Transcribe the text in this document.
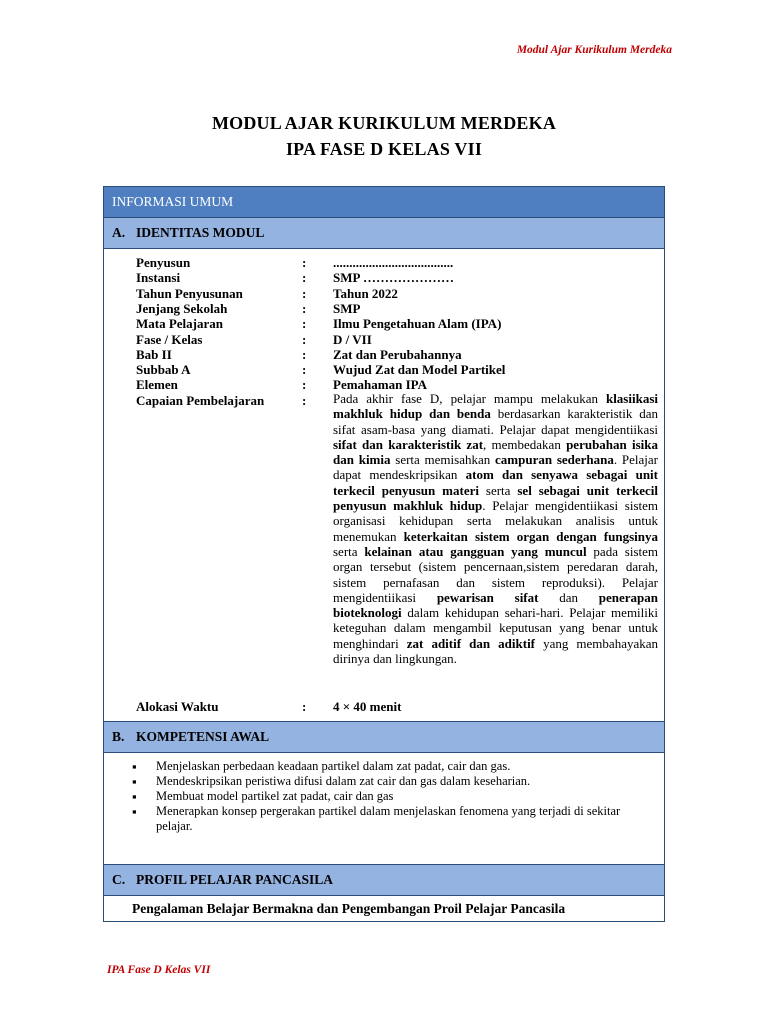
Modul Ajar Kurikulum Merdeka
MODUL AJAR KURIKULUM MERDEKA
IPA FASE D KELAS VII
INFORMASI UMUM
A. IDENTITAS MODUL
Penyusun	: .....................................
Instansi	: SMP …………………
Tahun Penyusunan	: Tahun 2022
Jenjang Sekolah	: SMP
Mata Pelajaran	: Ilmu Pengetahuan Alam (IPA)
Fase / Kelas	: D / VII
Bab II	: Zat dan Perubahannya
Subbab A	: Wujud Zat dan Model Partikel
Elemen	: Pemahaman IPA
Capaian Pembelajaran	: Pada akhir fase D, pelajar mampu melakukan klasiikasi makhluk hidup dan benda berdasarkan karakteristik dan sifat asam-basa yang diamati. Pelajar dapat mengidentiikasi sifat dan karakteristik zat, membedakan perubahan isika dan kimia serta memisahkan campuran sederhana. Pelajar dapat mendeskripsikan atom dan senyawa sebagai unit terkecil penyusun materi serta sel sebagai unit terkecil penyusun makhluk hidup. Pelajar mengidentiikasi sistem organisasi kehidupan serta melakukan analisis untuk menemukan keterkaitan sistem organ dengan fungsinya serta kelainan atau gangguan yang muncul pada sistem organ tersebut (sistem pencernaan,sistem peredaran darah, sistem pernafasan dan sistem reproduksi). Pelajar mengidentiikasi pewarisan sifat dan penerapan bioteknologi dalam kehidupan sehari-hari. Pelajar memiliki keteguhan dalam mengambil keputusan yang benar untuk menghindari zat aditif dan adiktif yang membahayakan dirinya dan lingkungan.
Alokasi Waktu	: 4 × 40 menit
B. KOMPETENSI AWAL
▪ Menjelaskan perbedaan keadaan partikel dalam zat padat, cair dan gas.
▪ Mendeskripsikan peristiwa difusi dalam zat cair dan gas dalam keseharian.
▪ Membuat model partikel zat padat, cair dan gas
▪ Menerapkan konsep pergerakan partikel dalam menjelaskan fenomena yang terjadi di sekitar pelajar.
C. PROFIL PELAJAR PANCASILA
Pengalaman Belajar Bermakna dan Pengembangan Proil Pelajar Pancasila
IPA Fase D Kelas VII
